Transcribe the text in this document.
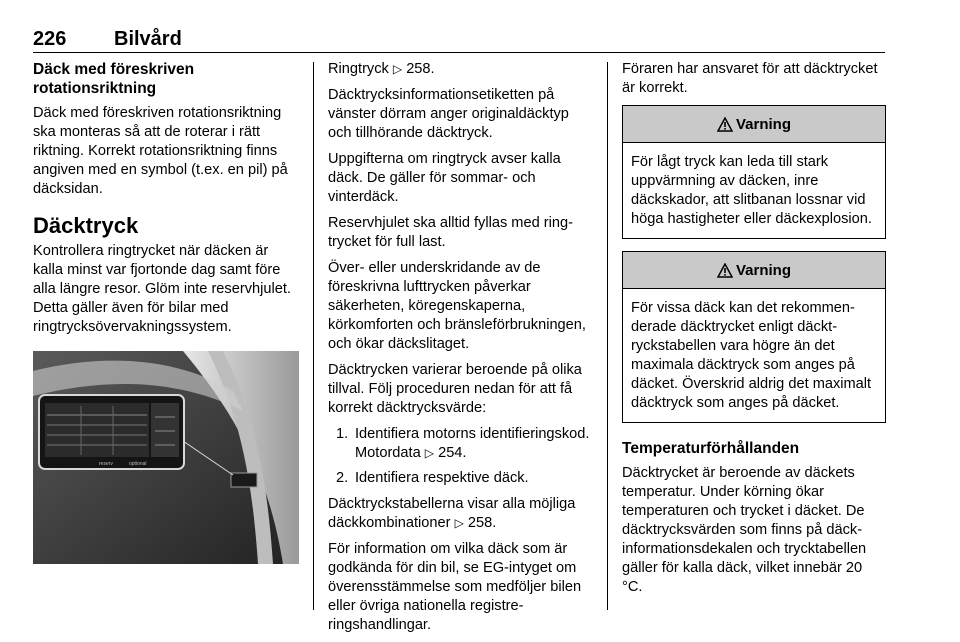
226 Bilvård
Däck med föreskriven rotationsriktning

Däck med föreskriven rotationsriktning ska monteras så att de roterar i rätt riktning. Korrekt rotationsriktning finns angiven med en symbol (t.ex. en pil) på däcksidan.

Däcktryck

Kontrollera ringtrycket när däcken är kalla minst var fjortonde dag samt före alla längre resor. Glöm inte reservhjulet. Detta gäller även för bilar med ringtrycksövervakningssystem.

reserv	optional

Ringtryck ▷ 258.

Däcktrycksinformationsetiketten på vänster dörram anger originaldäcktyp och tillhörande däcktryck.

Uppgifterna om ringtryck avser kalla däck. De gäller för sommar- och vinterdäck.

Reservhjulet ska alltid fyllas med ringtrycket för full last.

Över- eller underskridande av de föreskrivna lufttrycken påverkar säkerheten, köregenskaperna, körkomforten och bränsleförbrukningen, och ökar däckslitaget.

Däcktrycken varierar beroende på olika tillval. Följ proceduren nedan för att få korrekt däcktrycksvärde:

1. Identifiera motorns identifieringskod. Motordata ▷ 254.
2. Identifiera respektive däck.

Däcktryckstabellerna visar alla möjliga däckkombinationer ▷ 258.

För information om vilka däck som är godkända för din bil, se EG-intyget om överensstämmelse som medföljer bilen eller övriga nationella registreringshandlingar.

Föraren har ansvaret för att däcktrycket är korrekt.

Varning
För lågt tryck kan leda till stark uppvärmning av däcken, inre däckskador, att slitbanan lossnar vid höga hastigheter eller däckexplosion.
Varning
För vissa däck kan det rekommenderade däcktrycket enligt däcktryckstabellen vara högre än det maximala däcktryck som anges på däcket. Överskrid aldrig det maximalt däcktryck som anges på däcket.
Temperaturförhållanden

Däcktrycket är beroende av däckets temperatur. Under körning ökar temperaturen och trycket i däcket. De däcktrycksvärden som finns på däckinformationsdekalen och trycktabellen gäller för kalla däck, vilket innebär 20 °C.
